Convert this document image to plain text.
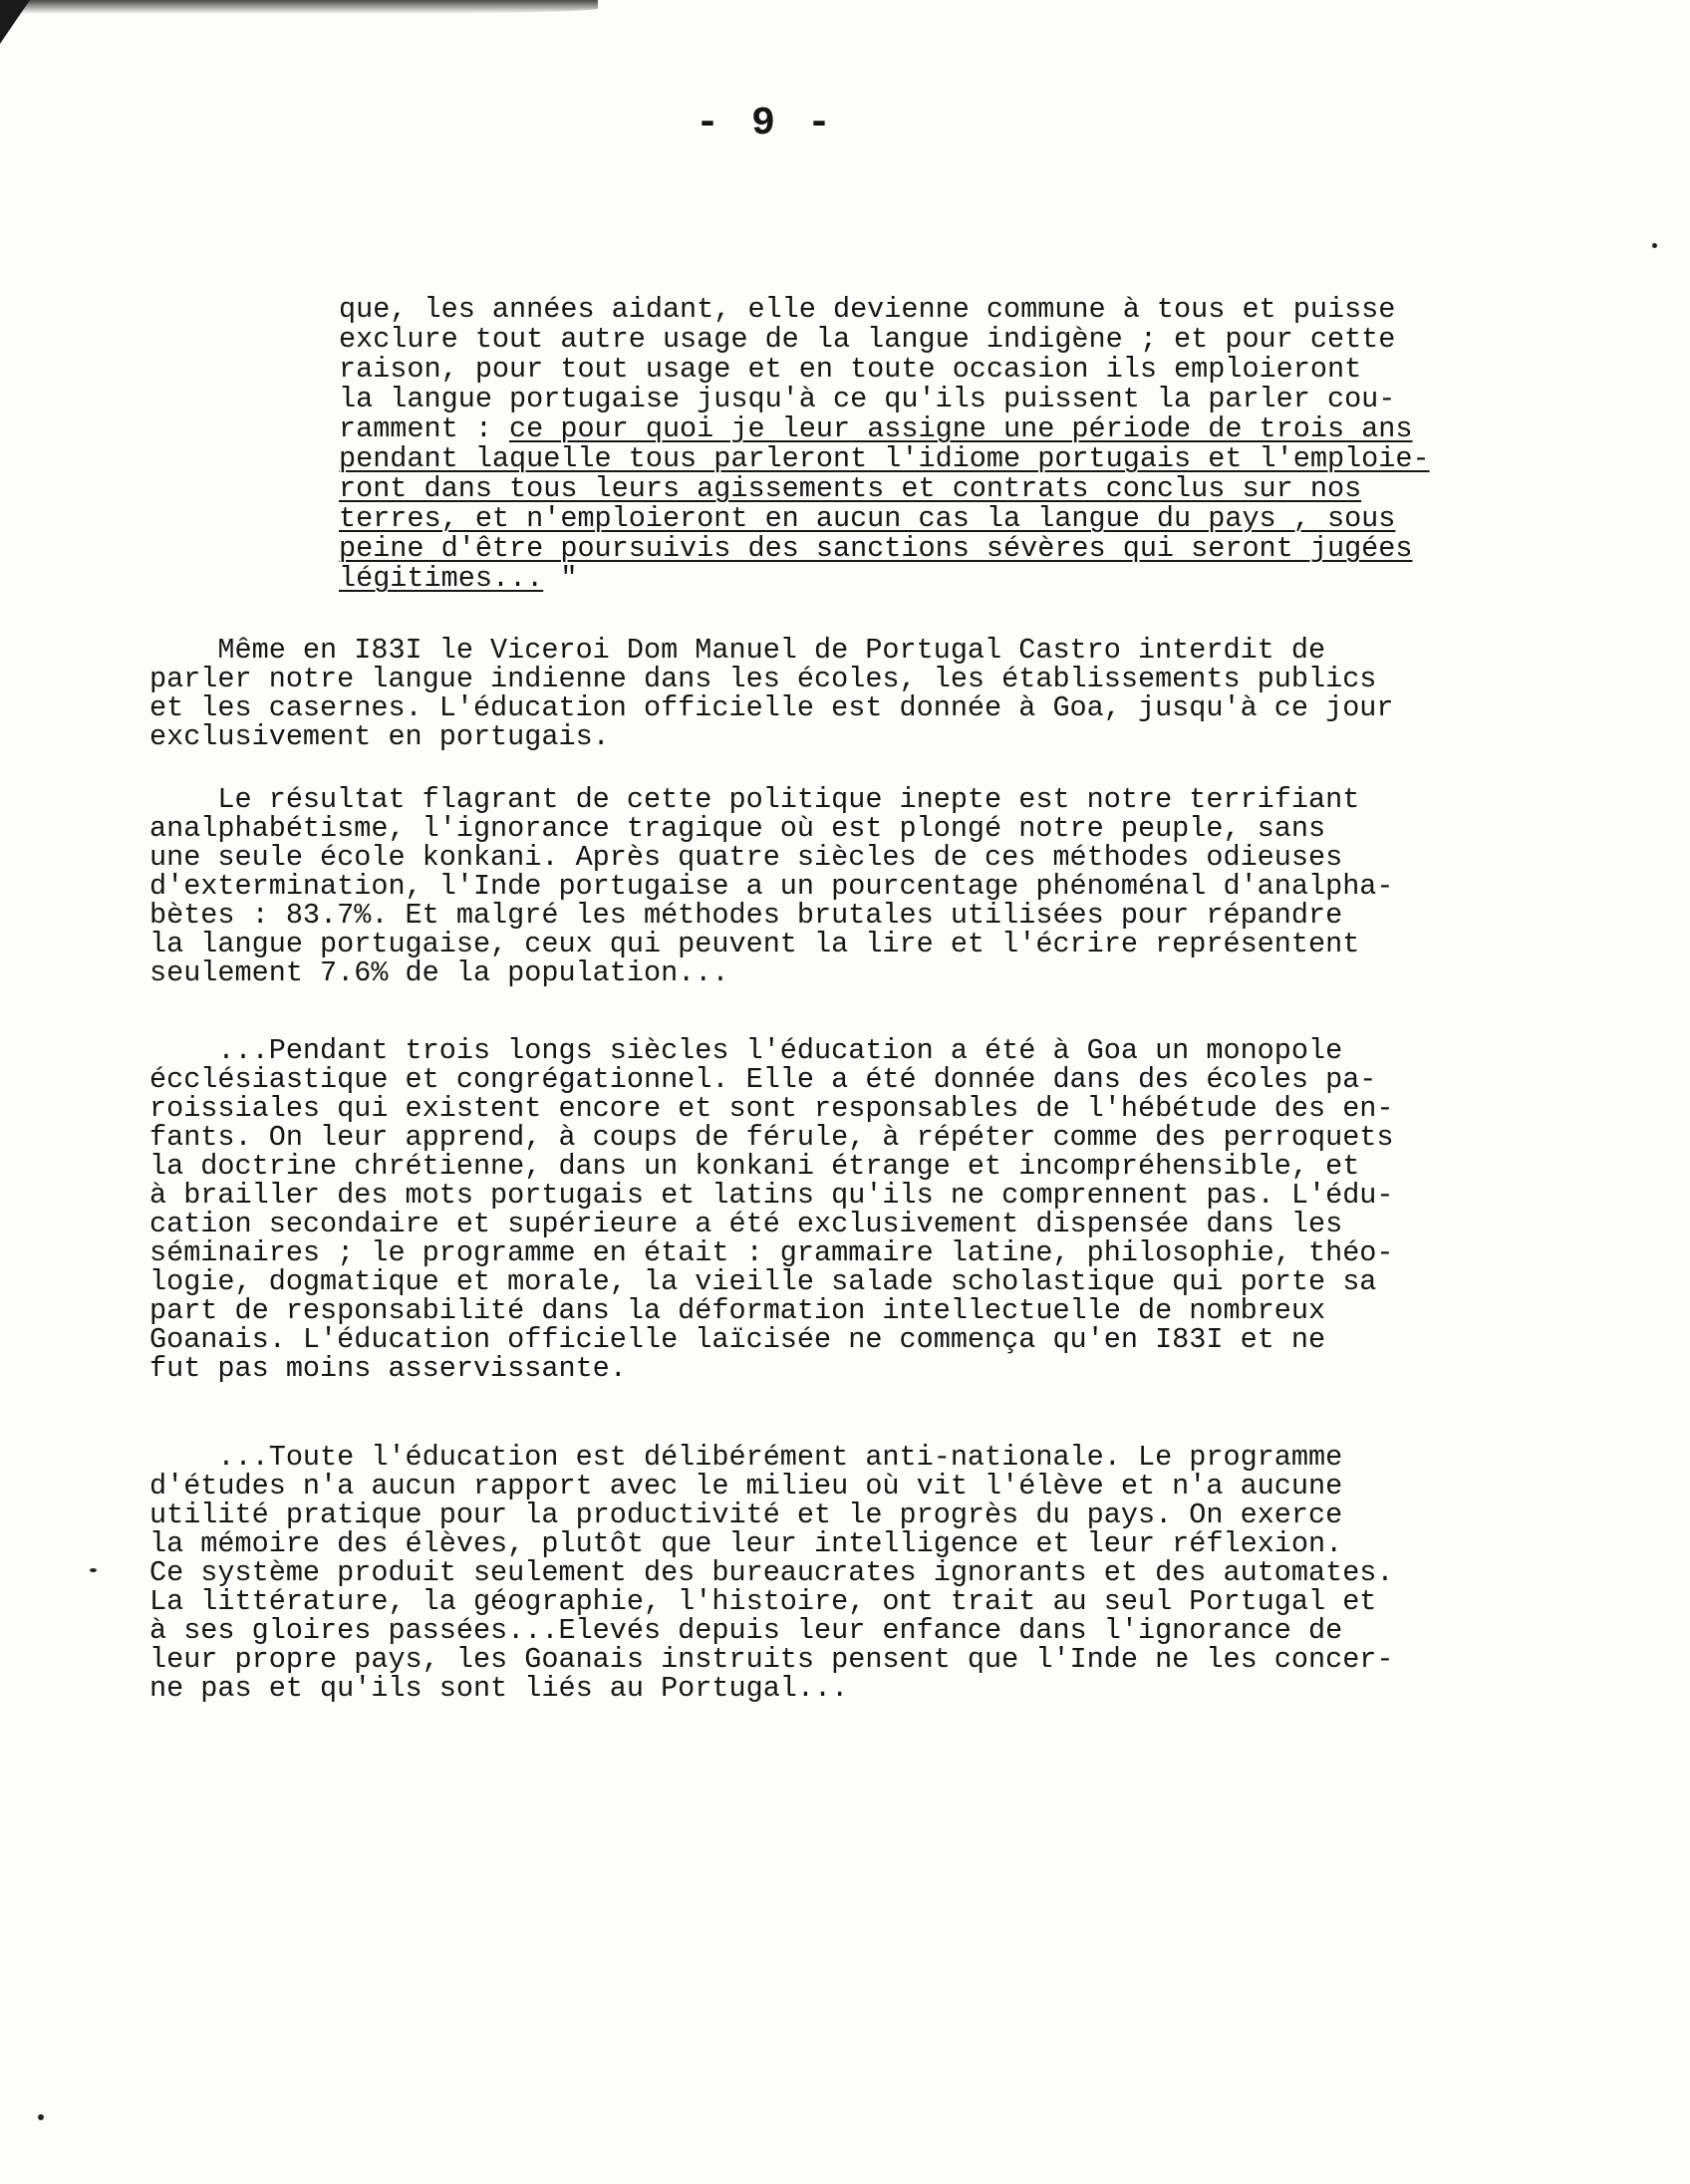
- 9 -
que, les années aidant, elle devienne commune à tous et puisse
exclure tout autre usage de la langue indigène ; et pour cette
raison, pour tout usage et en toute occasion ils emploieront
la langue portugaise jusqu'à ce qu'ils puissent la parler cou-
ramment : ce pour quoi je leur assigne une période de trois ans
pendant laquelle tous parleront l'idiome portugais et l'emploie-
ront dans tous leurs agissements et contrats conclus sur nos
terres, et n'emploieront en aucun cas la langue du pays , sous
peine d'être poursuivis des sanctions sévères qui seront jugées
légitimes... "
Même en I83I le Viceroi Dom Manuel de Portugal Castro interdit de
parler notre langue indienne dans les écoles, les établissements publics
et les casernes. L'éducation officielle est donnée à Goa, jusqu'à ce jour
exclusivement en portugais.
Le résultat flagrant de cette politique inepte est notre terrifiant
analphabétisme, l'ignorance tragique où est plongé notre peuple, sans
une seule école konkani. Après quatre siècles de ces méthodes odieuses
d'extermination, l'Inde portugaise a un pourcentage phénoménal d'analpha-
bètes : 83.7%. Et malgré les méthodes brutales utilisées pour répandre
la langue portugaise, ceux qui peuvent la lire et l'écrire représentent
seulement 7.6% de la population...
...Pendant trois longs siècles l'éducation a été à Goa un monopole
écclésiastique et congrégationnel. Elle a été donnée dans des écoles pa-
roissiales qui existent encore et sont responsables de l'hébétude des en-
fants. On leur apprend, à coups de férule, à répéter comme des perroquets
la doctrine chrétienne, dans un konkani étrange et incompréhensible, et
à brailler des mots portugais et latins qu'ils ne comprennent pas. L'édu-
cation secondaire et supérieure a été exclusivement dispensée dans les
séminaires ; le programme en était : grammaire latine, philosophie, théo-
logie, dogmatique et morale, la vieille salade scholastique qui porte sa
part de responsabilité dans la déformation intellectuelle de nombreux
Goanais. L'éducation officielle laïcisée ne commença qu'en I83I et ne
fut pas moins asservissante.
...Toute l'éducation est délibérément anti-nationale. Le programme
d'études n'a aucun rapport avec le milieu où vit l'élève et n'a aucune
utilité pratique pour la productivité et le progrès du pays. On exerce
la mémoire des élèves, plutôt que leur intelligence et leur réflexion.
Ce système produit seulement des bureaucrates ignorants et des automates.
La littérature, la géographie, l'histoire, ont trait au seul Portugal et
à ses gloires passées...Elevés depuis leur enfance dans l'ignorance de
leur propre pays, les Goanais instruits pensent que l'Inde ne les concer-
ne pas et qu'ils sont liés au Portugal...
